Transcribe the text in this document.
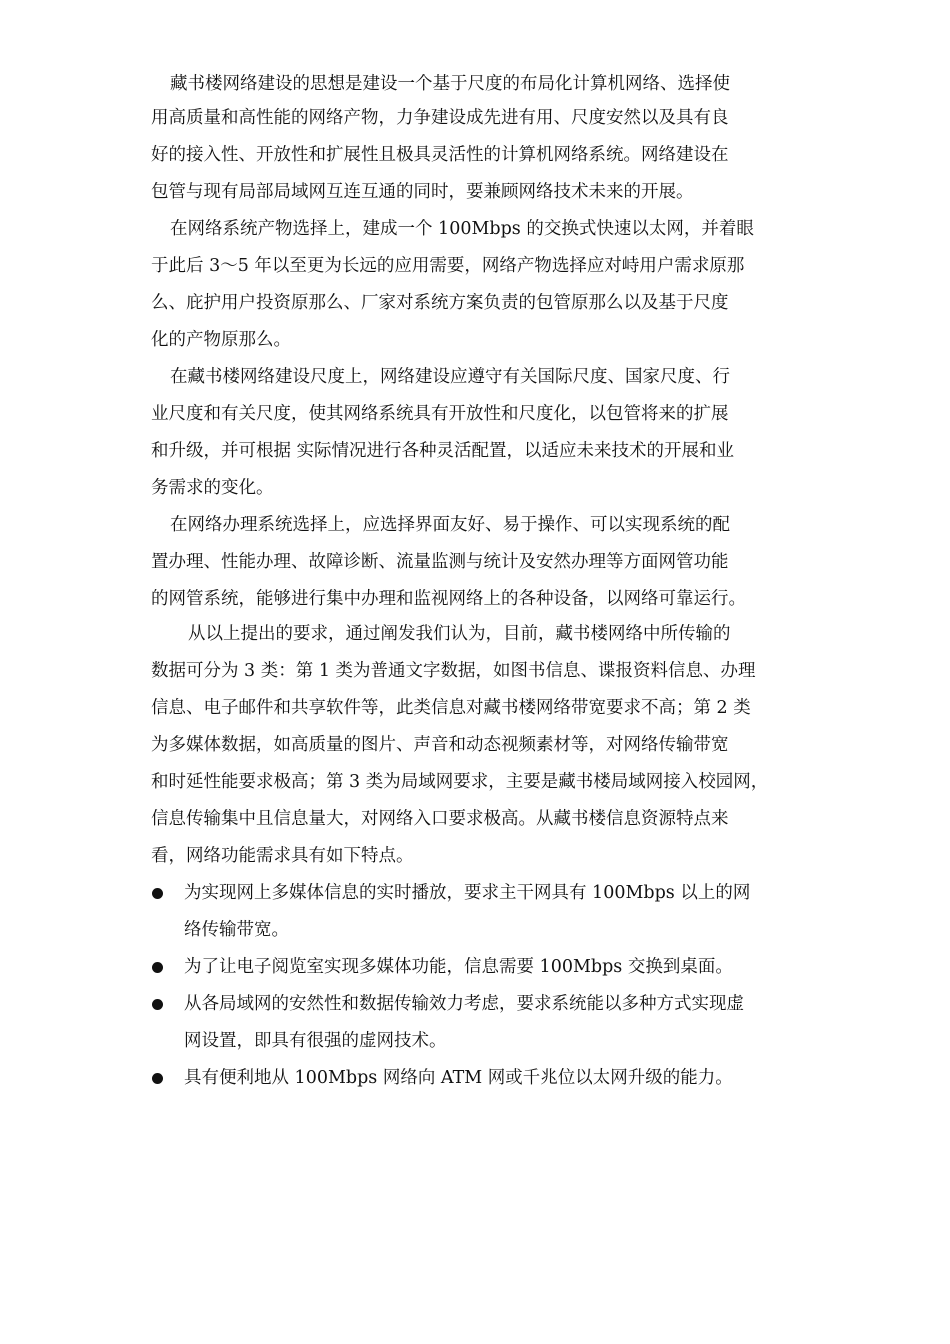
藏书楼网络建设的思想是建设一个基于尺度的布局化计算机网络、选择使
用高质量和高性能的网络产物，力争建设成先进有用、尺度安然以及具有良
好的接入性、开放性和扩展性且极具灵活性的计算机网络系统。网络建设在
包管与现有局部局域网互连互通的同时，要兼顾网络技术未来的开展。
在网络系统产物选择上，建成一个 100Mbps 的交换式快速以太网，并着眼
于此后 3～5 年以至更为长远的应用需要，网络产物选择应对峙用户需求原那
么、庇护用户投资原那么、厂家对系统方案负责的包管原那么以及基于尺度
化的产物原那么。
在藏书楼网络建设尺度上，网络建设应遵守有关国际尺度、国家尺度、行
业尺度和有关尺度，使其网络系统具有开放性和尺度化，以包管将来的扩展
和升级，并可根据 实际情况进行各种灵活配置，以适应未来技术的开展和业
务需求的变化。
在网络办理系统选择上，应选择界面友好、易于操作、可以实现系统的配
置办理、性能办理、故障诊断、流量监测与统计及安然办理等方面网管功能
的网管系统，能够进行集中办理和监视网络上的各种设备，以网络可靠运行。
从以上提出的要求，通过阐发我们认为，目前，藏书楼网络中所传输的
数据可分为 3 类：第 1 类为普通文字数据，如图书信息、谍报资料信息、办理
信息、电子邮件和共享软件等，此类信息对藏书楼网络带宽要求不高；第 2 类
为多媒体数据，如高质量的图片、声音和动态视频素材等，对网络传输带宽
和时延性能要求极高；第 3 类为局域网要求，主要是藏书楼局域网接入校园网，
信息传输集中且信息量大，对网络入口要求极高。从藏书楼信息资源特点来
看，网络功能需求具有如下特点。
为实现网上多媒体信息的实时播放，要求主干网具有 100Mbps 以上的网
络传输带宽。
为了让电子阅览室实现多媒体功能，信息需要 100Mbps 交换到桌面。
从各局域网的安然性和数据传输效力考虑，要求系统能以多种方式实现虚
网设置，即具有很强的虚网技术。
具有便利地从 100Mbps 网络向 ATM 网或千兆位以太网升级的能力。
